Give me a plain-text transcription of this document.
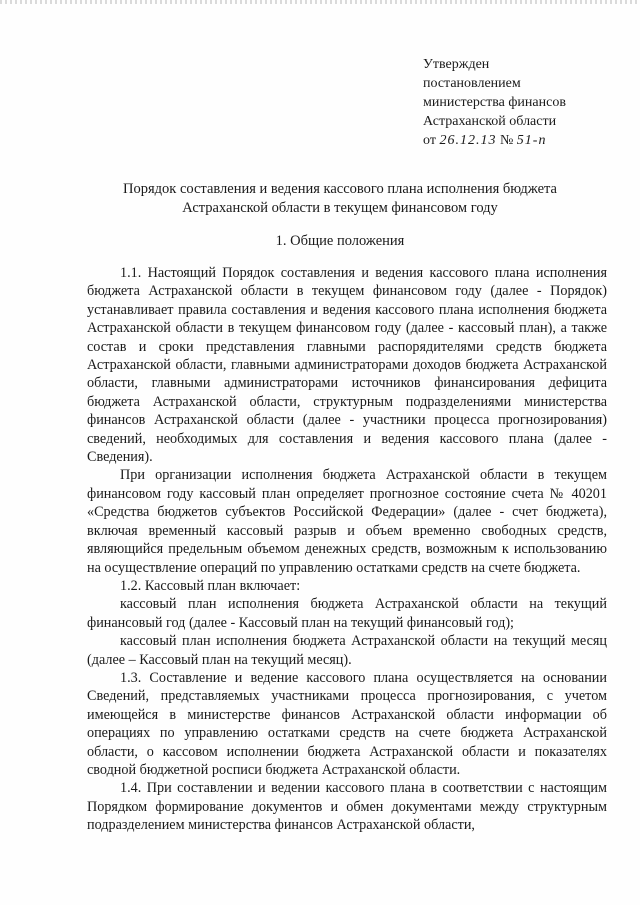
Утвержден
постановлением
министерства финансов
Астраханской области
от 26.12.13 № 51-п
Порядок составления и ведения кассового плана исполнения бюджета
Астраханской области в текущем финансовом году
1. Общие положения

1.1. Настоящий Порядок составления и ведения кассового плана исполнения бюджета Астраханской области в текущем финансовом году (далее - Порядок) устанавливает правила составления и ведения кассового плана исполнения бюджета Астраханской области в текущем финансовом году (далее - кассовый план), а также состав и сроки представления главными распорядителями средств бюджета Астраханской области, главными администраторами доходов бюджета Астраханской области, главными администраторами источников финансирования дефицита бюджета Астраханской области, структурным подразделениями министерства финансов Астраханской области (далее - участники процесса прогнозирования) сведений, необходимых для составления и ведения кассового плана (далее - Сведения).

При организации исполнения бюджета Астраханской области в текущем финансовом году кассовый план определяет прогнозное состояние счета № 40201 «Средства бюджетов субъектов Российской Федерации» (далее - счет бюджета), включая временный кассовый разрыв и объем временно свободных средств, являющийся предельным объемом денежных средств, возможным к использованию на осуществление операций по управлению остатками средств на счете бюджета.

1.2. Кассовый план включает:

кассовый план исполнения бюджета Астраханской области на текущий финансовый год (далее - Кассовый план на текущий финансовый год);

кассовый план исполнения бюджета Астраханской области на текущий месяц (далее – Кассовый план на текущий месяц).

1.3. Составление и ведение кассового плана осуществляется на основании Сведений, представляемых участниками процесса прогнозирования, с учетом имеющейся в министерстве финансов Астраханской области информации об операциях по управлению остатками средств на счете бюджета Астраханской области, о кассовом исполнении бюджета Астраханской области и показателях сводной бюджетной росписи бюджета Астраханской области.

1.4. При составлении и ведении кассового плана в соответствии с настоящим Порядком формирование документов и обмен документами между структурным подразделением министерства финансов Астраханской области,
